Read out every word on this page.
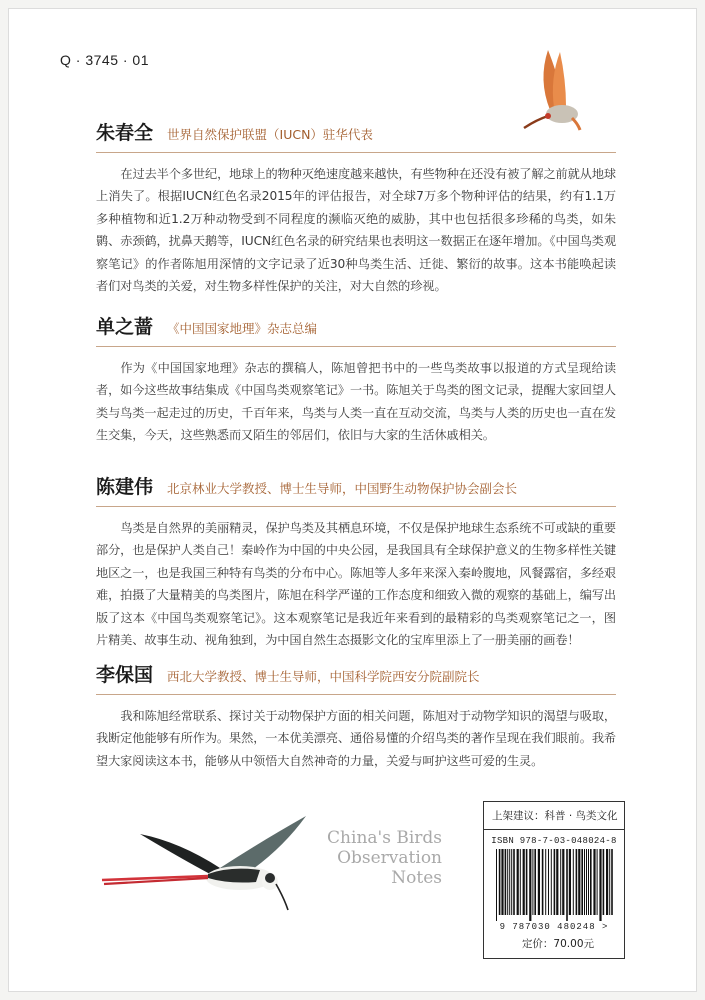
Q · 3745 · 01
朱春全 世界自然保护联盟（IUCN）驻华代表
在过去半个多世纪，地球上的物种灭绝速度越来越快，有些物种在还没有被了解之前就从地球上消失了。根据IUCN红色名录2015年的评估报告，对全球7万多个物种评估的结果，约有1.1万多种植物和近1.2万种动物受到不同程度的濒临灭绝的威胁，其中也包括很多珍稀的鸟类，如朱鹮、赤颈鹤，扰鼻天鹅等，IUCN红色名录的研究结果也表明这一数据正在逐年增加。《中国鸟类观察笔记》的作者陈旭用深情的文字记录了近30种鸟类生活、迁徙、繁衍的故事。这本书能唤起读者们对鸟类的关爱，对生物多样性保护的关注，对大自然的珍视。
单之蔷 《中国国家地理》杂志总编
作为《中国国家地理》杂志的撰稿人，陈旭曾把书中的一些鸟类故事以报道的方式呈现给读者，如今这些故事结集成《中国鸟类观察笔记》一书。陈旭关于鸟类的图文记录，提醒大家回望人类与鸟类一起走过的历史，千百年来，鸟类与人类一直在互动交流，鸟类与人类的历史也一直在发生交集，今天，这些熟悉而又陌生的邻居们，依旧与大家的生活休戚相关。
陈建伟 北京林业大学教授、博士生导师，中国野生动物保护协会副会长
鸟类是自然界的美丽精灵，保护鸟类及其栖息环境，不仅是保护地球生态系统不可或缺的重要部分，也是保护人类自己！秦岭作为中国的中央公园，是我国具有全球保护意义的生物多样性关键地区之一，也是我国三种特有鸟类的分布中心。陈旭等人多年来深入秦岭腹地，风餐露宿，多经艰难，拍摄了大量精美的鸟类图片，陈旭在科学严谨的工作态度和细致入微的观察的基础上，编写出版了这本《中国鸟类观察笔记》。这本观察笔记是我近年来看到的最精彩的鸟类观察笔记之一，图片精美、故事生动、视角独到，为中国自然生态摄影文化的宝库里添上了一册美丽的画卷！
李保国 西北大学教授、博士生导师，中国科学院西安分院副院长
我和陈旭经常联系、探讨关于动物保护方面的相关问题，陈旭对于动物学知识的渴望与吸取，我断定他能够有所作为。果然，一本优美漂亮、通俗易懂的介绍鸟类的著作呈现在我们眼前。我希望大家阅读这本书，能够从中领悟大自然神奇的力量，关爱与呵护这些可爱的生灵。
China's Birds
Observation
Notes
上架建议：科普 · 鸟类文化
ISBN 978-7-03-048024-8
9 787030 480248 >
定价：70.00元
